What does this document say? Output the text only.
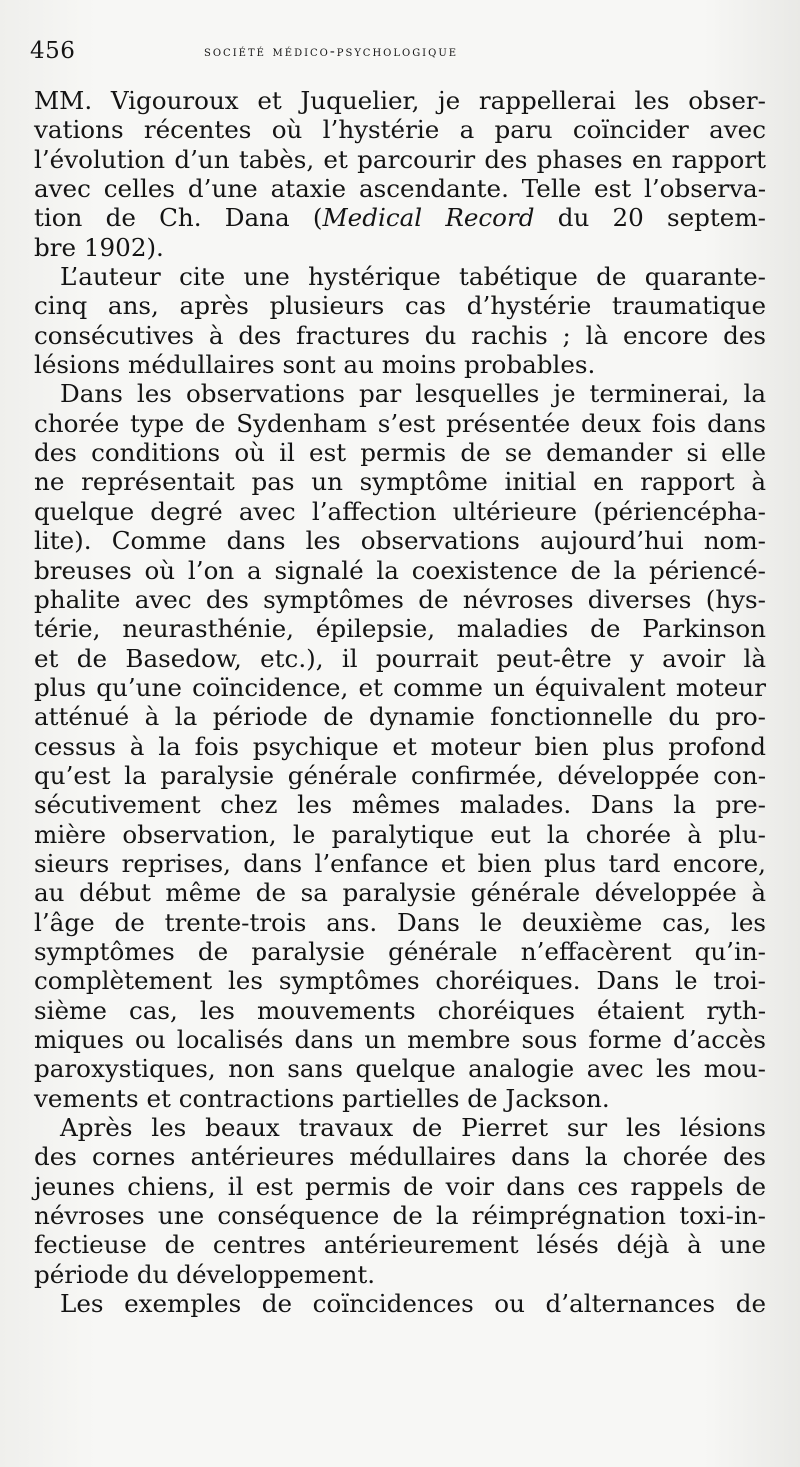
456	société médico-psychologique
MM. Vigouroux et Juquelier, je rappellerai les obser-
vations récentes où l’hystérie a paru coïncider avec
l’évolution d’un tabès, et parcourir des phases en rapport
avec celles d’une ataxie ascendante. Telle est l’observa-
tion de Ch. Dana (Medical Record du 20 septem-
bre 1902).
L’auteur cite une hystérique tabétique de quarante-
cinq ans, après plusieurs cas d’hystérie traumatique
consécutives à des fractures du rachis ; là encore des
lésions médullaires sont au moins probables.
Dans les observations par lesquelles je terminerai, la
chorée type de Sydenham s’est présentée deux fois dans
des conditions où il est permis de se demander si elle
ne représentait pas un symptôme initial en rapport à
quelque degré avec l’affection ultérieure (périencépha-
lite). Comme dans les observations aujourd’hui nom-
breuses où l’on a signalé la coexistence de la périencé-
phalite avec des symptômes de névroses diverses (hys-
térie, neurasthénie, épilepsie, maladies de Parkinson
et de Basedow, etc.), il pourrait peut-être y avoir là
plus qu’une coïncidence, et comme un équivalent moteur
atténué à la période de dynamie fonctionnelle du pro-
cessus à la fois psychique et moteur bien plus profond
qu’est la paralysie générale confirmée, développée con-
sécutivement chez les mêmes malades. Dans la pre-
mière observation, le paralytique eut la chorée à plu-
sieurs reprises, dans l’enfance et bien plus tard encore,
au début même de sa paralysie générale développée à
l’âge de trente-trois ans. Dans le deuxième cas, les
symptômes de paralysie générale n’effacèrent qu’in-
complètement les symptômes choréiques. Dans le troi-
sième cas, les mouvements choréiques étaient ryth-
miques ou localisés dans un membre sous forme d’accès
paroxystiques, non sans quelque analogie avec les mou-
vements et contractions partielles de Jackson.
Après les beaux travaux de Pierret sur les lésions
des cornes antérieures médullaires dans la chorée des
jeunes chiens, il est permis de voir dans ces rappels de
névroses une conséquence de la réimprégnation toxi-in-
fectieuse de centres antérieurement lésés déjà à une
période du développement.
Les exemples de coïncidences ou d’alternances de
